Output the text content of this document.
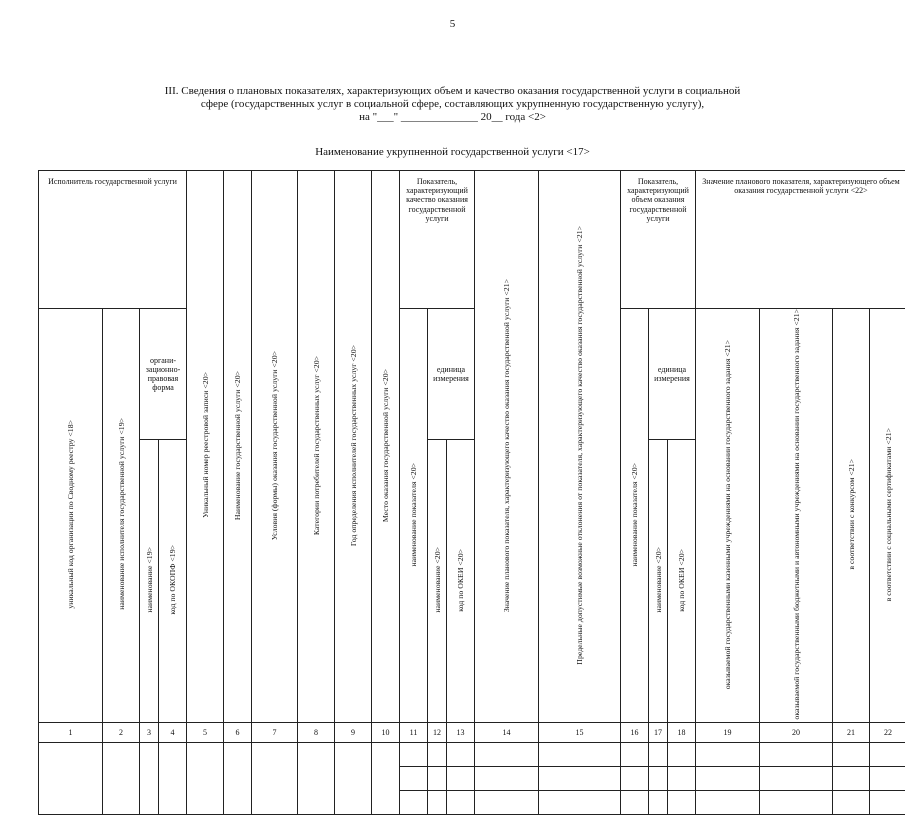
5
III. Сведения о плановых показателях, характеризующих объем и качество оказания государственной услуги в социальной
сфере (государственных услуг в социальной сфере, составляющих укрупненную государственную услугу),
на "___" ______________ 20__ года <2>
Наименование укрупненной государственной услуги <17>
Исполнитель государственной услуги				Уникальный номер реестровой записи <20>	Наименование государственной услуги <20>	Условия (формы) оказания государственной услуги <20>	Категории потребителей государственных услуг <20>	Год определения исполнителей государственных услуг <20>	Место оказания государственной услуги <20>	Показатель, характеризующий качество оказания государственной услуги			Значение планового показателя, характеризующего качество оказания государственной услуги <21>	Предельные допустимые возможные отклонения от показателя, характеризующего качество оказания государственной услуги <21>	Показатель, характеризующий объем оказания государственной услуги			Значение планового показателя, характеризующего объем оказания государственной услуги <22>	
уникальный код организации по Сводному реестру <18>	наименование исполнителя государственной услуги <19>	органи-зационно-правовая форма								наименование показателя <20>	единица измерения				наименование показателя <20>	единица измерения		оказываемой государственными казенными учреждениями на основании государственного задания <21>	оказываемой государственными бюджетными и автономными учреждениями на основании государственного задания <21>	в соответствии с конкурсом <21>	в соответствии с социальными сертификатами <21>	
		наименование <19>	код по ОКОПФ <19>								наименование <20>	код по ОКЕИ <20>				наименование <20>	код по ОКЕИ <20>					
1	2	3	4	5	6	7	8	9	10	11	12	13	14	15	16	17	18	19	20	21	22	
